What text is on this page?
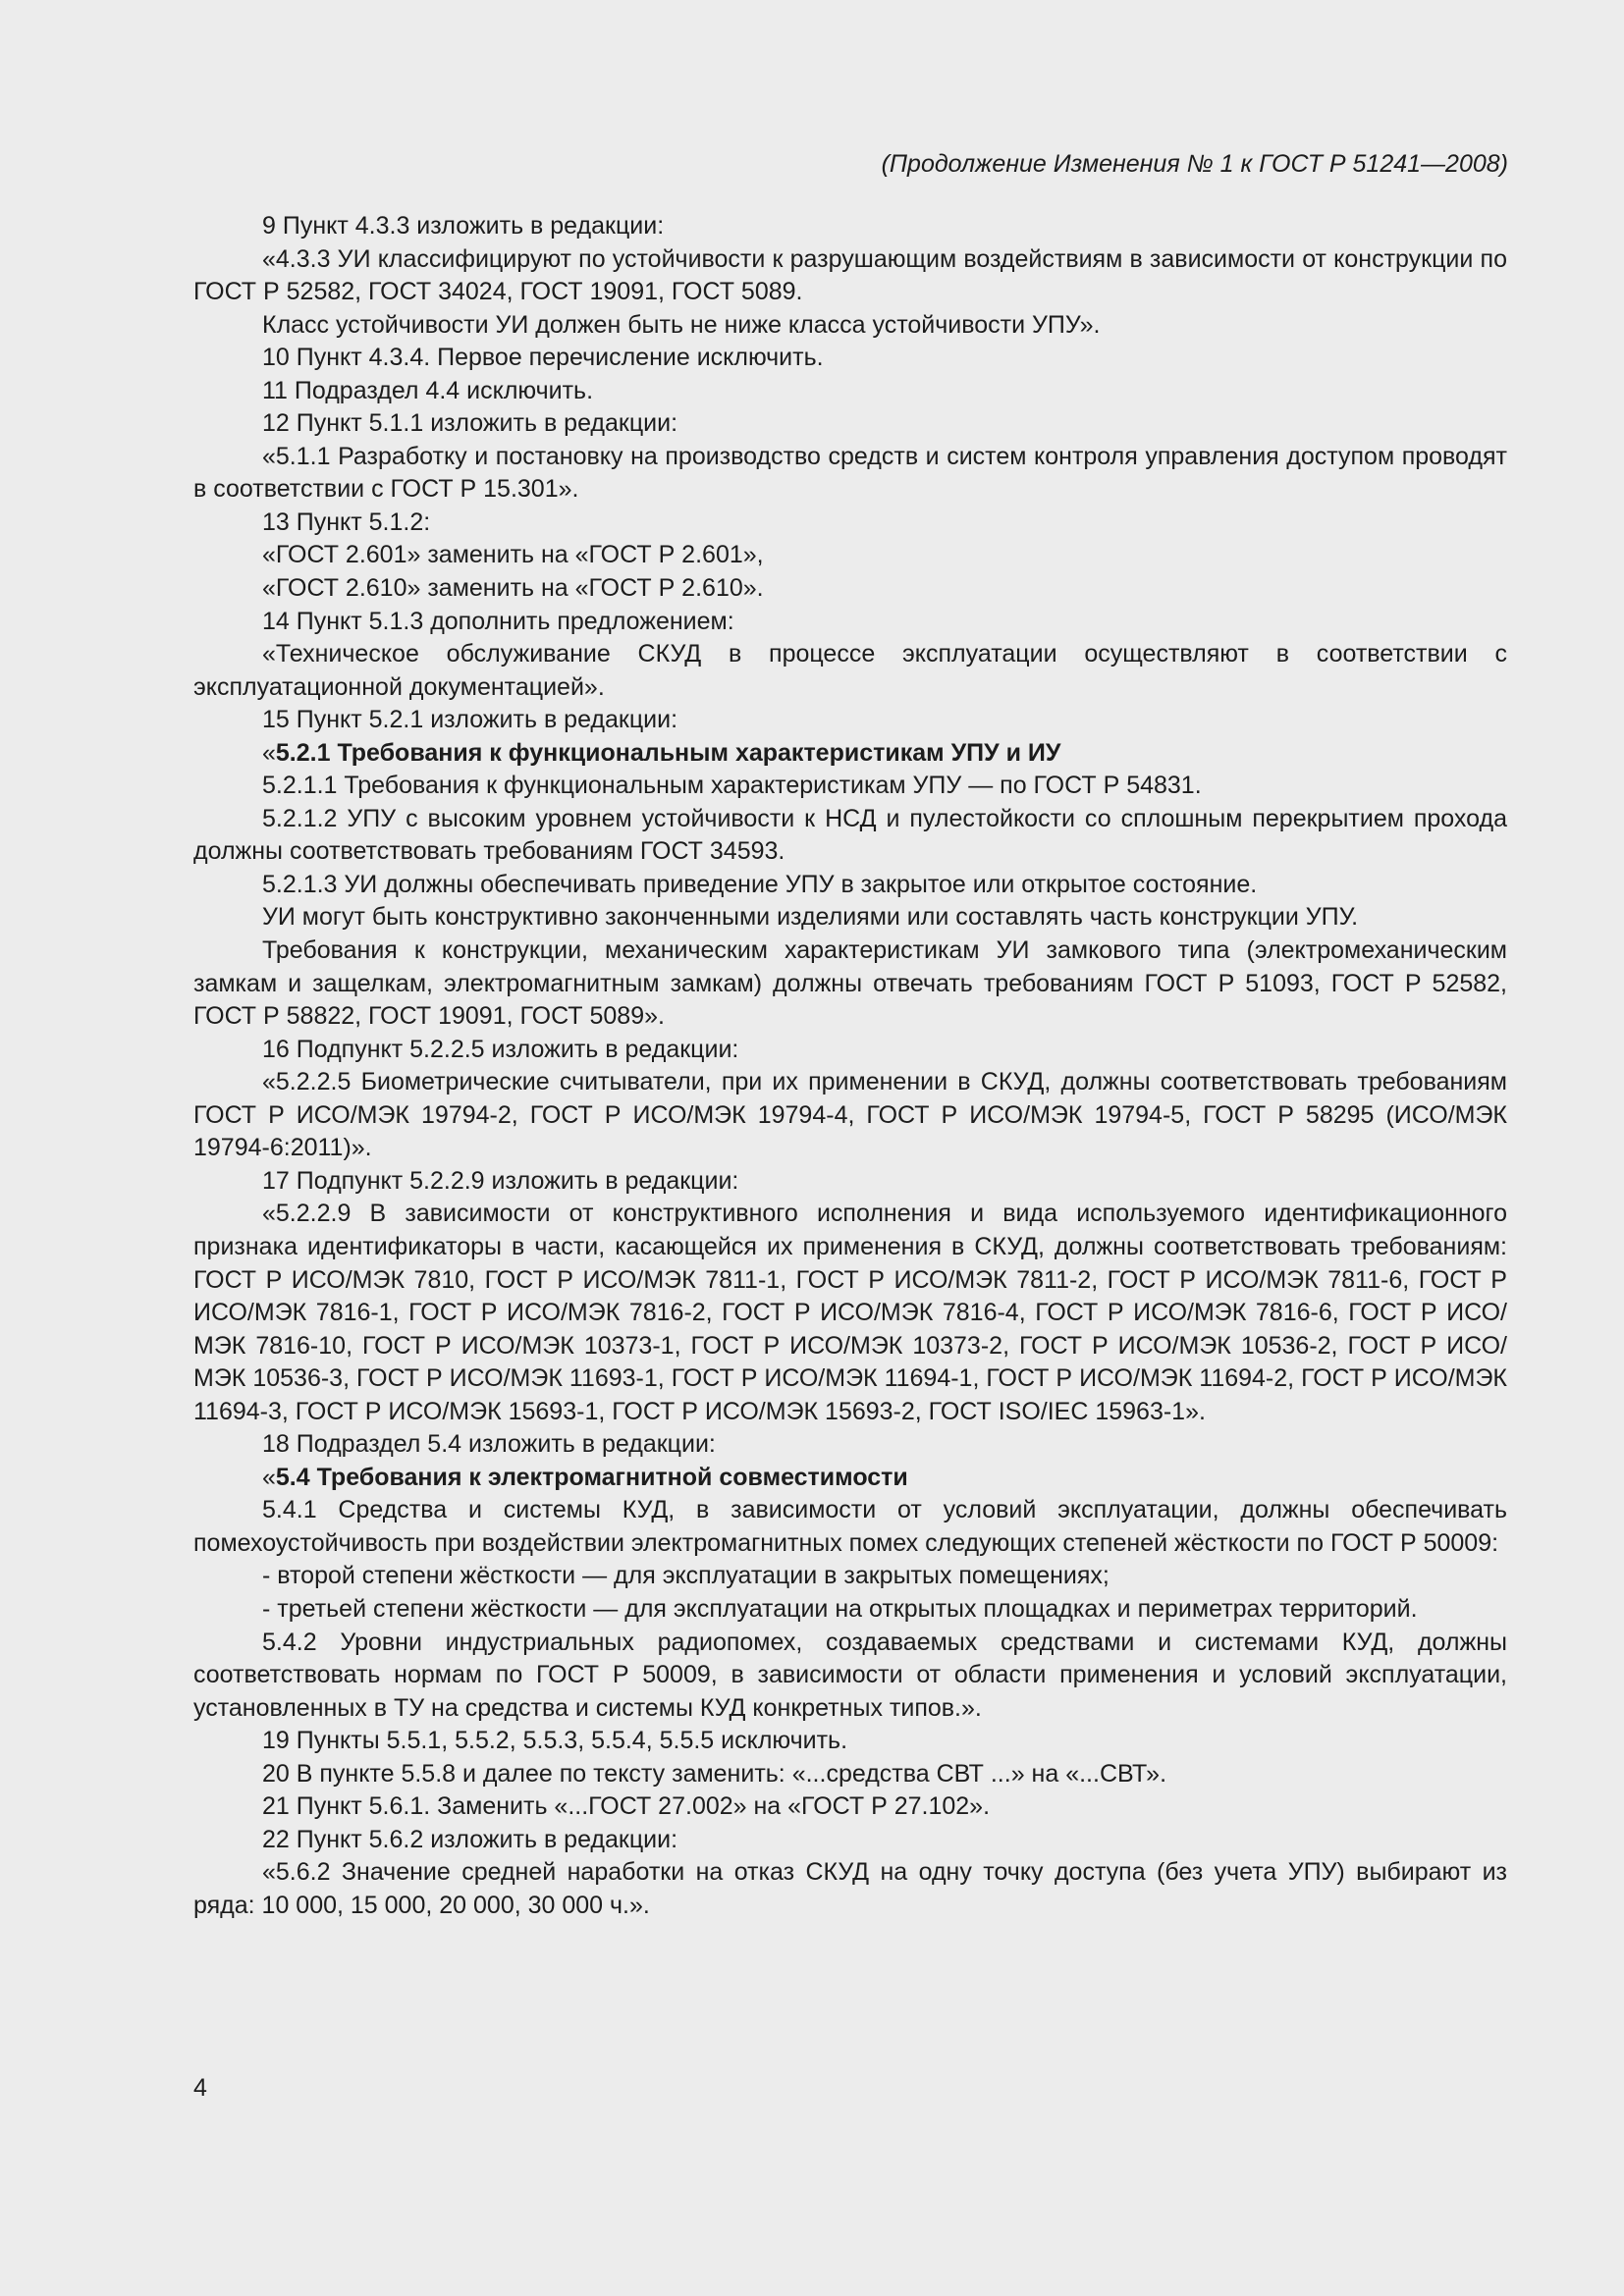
(Продолжение Изменения № 1 к ГОСТ Р 51241—2008)

9 Пункт 4.3.3 изложить в редакции:

«4.3.3 УИ классифицируют по устойчивости к разрушающим воздействиям в зависимости от конструкции по ГОСТ Р 52582, ГОСТ 34024, ГОСТ 19091, ГОСТ 5089.

Класс устойчивости УИ должен быть не ниже класса устойчивости УПУ».

10 Пункт 4.3.4. Первое перечисление исключить.

11 Подраздел 4.4 исключить.

12 Пункт 5.1.1 изложить в редакции:

«5.1.1 Разработку и постановку на производство средств и систем контроля управления доступом проводят в соответствии с ГОСТ Р 15.301».

13 Пункт 5.1.2:

«ГОСТ 2.601» заменить на «ГОСТ Р 2.601»,

«ГОСТ 2.610» заменить на «ГОСТ Р 2.610».

14 Пункт 5.1.3 дополнить предложением:

«Техническое обслуживание СКУД в процессе эксплуатации осуществляют в соответствии с эксплуатационной документацией».

15 Пункт 5.2.1 изложить в редакции:

«5.2.1 Требования к функциональным характеристикам УПУ и ИУ

5.2.1.1 Требования к функциональным характеристикам УПУ — по ГОСТ Р 54831.

5.2.1.2 УПУ с высоким уровнем устойчивости к НСД и пулестойкости со сплошным перекрытием прохода должны соответствовать требованиям ГОСТ 34593.

5.2.1.3 УИ должны обеспечивать приведение УПУ в закрытое или открытое состояние.

УИ могут быть конструктивно законченными изделиями или составлять часть конструкции УПУ.

Требования к конструкции, механическим характеристикам УИ замкового типа (электромеханическим замкам и защелкам, электромагнитным замкам) должны отвечать требованиям ГОСТ Р 51093, ГОСТ Р 52582, ГОСТ Р 58822, ГОСТ 19091, ГОСТ 5089».

16 Подпункт 5.2.2.5 изложить в редакции:

«5.2.2.5 Биометрические считыватели, при их применении в СКУД, должны соответствовать требованиям ГОСТ Р ИСО/МЭК 19794-2, ГОСТ Р ИСО/МЭК 19794-4, ГОСТ Р ИСО/МЭК 19794-5, ГОСТ Р 58295 (ИСО/МЭК 19794-6:2011)».

17 Подпункт 5.2.2.9 изложить в редакции:

«5.2.2.9 В зависимости от конструктивного исполнения и вида используемого идентификационного признака идентификаторы в части, касающейся их применения в СКУД, должны соответствовать требованиям: ГОСТ Р ИСО/МЭК 7810, ГОСТ Р ИСО/МЭК 7811-1, ГОСТ Р ИСО/МЭК 7811-2, ГОСТ Р ИСО/МЭК 7811-6, ГОСТ Р ИСО/МЭК 7816-1, ГОСТ Р ИСО/МЭК 7816-2, ГОСТ Р ИСО/МЭК 7816-4, ГОСТ Р ИСО/МЭК 7816-6, ГОСТ Р ИСО/МЭК 7816-10, ГОСТ Р ИСО/МЭК 10373-1, ГОСТ Р ИСО/МЭК 10373-2, ГОСТ Р ИСО/МЭК 10536-2, ГОСТ Р ИСО/МЭК 10536-3, ГОСТ Р ИСО/МЭК 11693-1, ГОСТ Р ИСО/МЭК 11694-1, ГОСТ Р ИСО/МЭК 11694-2, ГОСТ Р ИСО/МЭК 11694-3, ГОСТ Р ИСО/МЭК 15693-1, ГОСТ Р ИСО/МЭК 15693-2, ГОСТ ISO/IEC 15963-1».

18 Подраздел 5.4 изложить в редакции:

«5.4 Требования к электромагнитной совместимости

5.4.1 Средства и системы КУД, в зависимости от условий эксплуатации, должны обеспечивать помехоустойчивость при воздействии электромагнитных помех следующих степеней жёсткости по ГОСТ Р 50009:

- второй степени жёсткости — для эксплуатации в закрытых помещениях;

- третьей степени жёсткости — для эксплуатации на открытых площадках и периметрах территорий.

5.4.2 Уровни индустриальных радиопомех, создаваемых средствами и системами КУД, должны соответствовать нормам по ГОСТ Р 50009, в зависимости от области применения и условий эксплуатации, установленных в ТУ на средства и системы КУД конкретных типов.».

19 Пункты 5.5.1, 5.5.2, 5.5.3, 5.5.4, 5.5.5 исключить.

20 В пункте 5.5.8 и далее по тексту заменить: «...средства СВТ ...» на «...СВТ».

21 Пункт 5.6.1. Заменить «...ГОСТ 27.002» на «ГОСТ Р 27.102».

22 Пункт 5.6.2 изложить в редакции:

«5.6.2 Значение средней наработки на отказ СКУД на одну точку доступа (без учета УПУ) выбирают из ряда: 10 000, 15 000, 20 000, 30 000 ч.».

4
